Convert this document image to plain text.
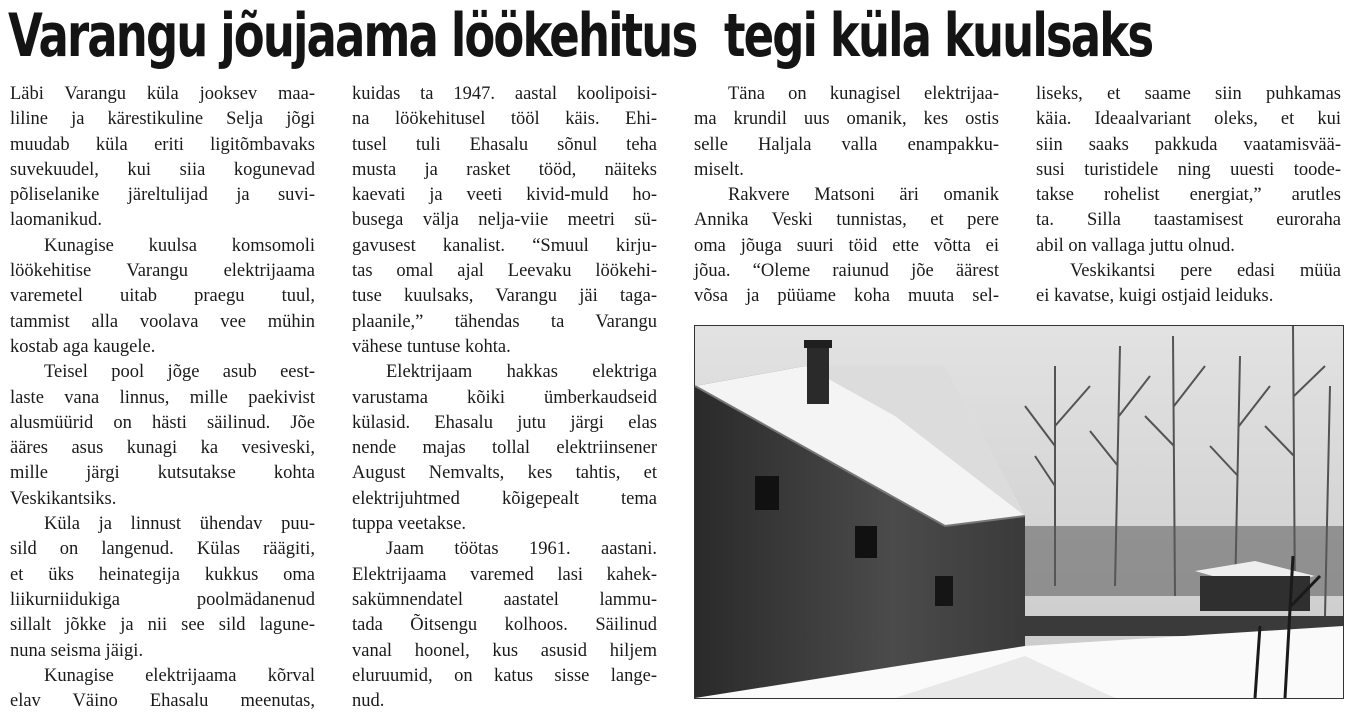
Varangu jõujaama löökehitus  tegi küla kuulsaks
Läbi Varangu küla jooksev maa-
liline ja kärestikuline Selja jõgi
muudab küla eriti ligitõmbavaks
suvekuudel, kui siia kogunevad
põliselanike järeltulijad ja suvi-
laomanikud.
Kunagise kuulsa komsomoli
löökehitise Varangu elektrijaama
varemetel uitab praegu tuul,
tammist alla voolava vee mühin
kostab aga kaugele.
Teisel pool jõge asub eest-
laste vana linnus, mille paekivist
alusmüürid on hästi säilinud. Jõe
ääres asus kunagi ka vesiveski,
mille järgi kutsutakse kohta
Veskikantsiks.
Küla ja linnust ühendav puu-
sild on langenud. Külas räägiti,
et üks heinategija kukkus oma
liikurniidukiga poolmädanenud
sillalt jõkke ja nii see sild lagune-
nuna seisma jäigi.
Kunagise elektrijaama kõrval
elav Väino Ehasalu meenutas,
kuidas ta 1947. aastal koolipoisi-
na löökehitusel tööl käis. Ehi-
tusel tuli Ehasalu sõnul teha
musta ja rasket tööd, näiteks
kaevati ja veeti kivid-muld ho-
busega välja nelja-viie meetri sü-
gavusest kanalist. “Smuul kirju-
tas omal ajal Leevaku löökehi-
tuse kuulsaks, Varangu jäi taga-
plaanile,” tähendas ta Varangu
vähese tuntuse kohta.
Elektrijaam hakkas elektriga
varustama kõiki ümberkaudseid
külasid. Ehasalu jutu järgi elas
nende majas tollal elektriinsener
August Nemvalts, kes tahtis, et
elektrijuhtmed kõigepealt tema
tuppa veetakse.
Jaam töötas 1961. aastani.
Elektrijaama varemed lasi kahek-
sakümnendatel aastatel lammu-
tada Õitsengu kolhoos. Säilinud
vanal hoonel, kus asusid hiljem
eluruumid, on katus sisse lange-
nud.
Täna on kunagisel elektrijaa-
ma krundil uus omanik, kes ostis
selle Haljala valla enampakku-
miselt.
Rakvere Matsoni äri omanik
Annika Veski tunnistas, et pere
oma jõuga suuri töid ette võtta ei
jõua. “Oleme raiunud jõe äärest
võsa ja püüame koha muuta sel-
liseks, et saame siin puhkamas
käia. Ideaalvariant oleks, et kui
siin saaks pakkuda vaatamisvää-
susi turistidele ning uuesti toode-
takse rohelist energiat,” arutles
ta. Silla taastamisest euroraha
abil on vallaga juttu olnud.
Veskikantsi pere edasi müüa
ei kavatse, kuigi ostjaid leiduks.
